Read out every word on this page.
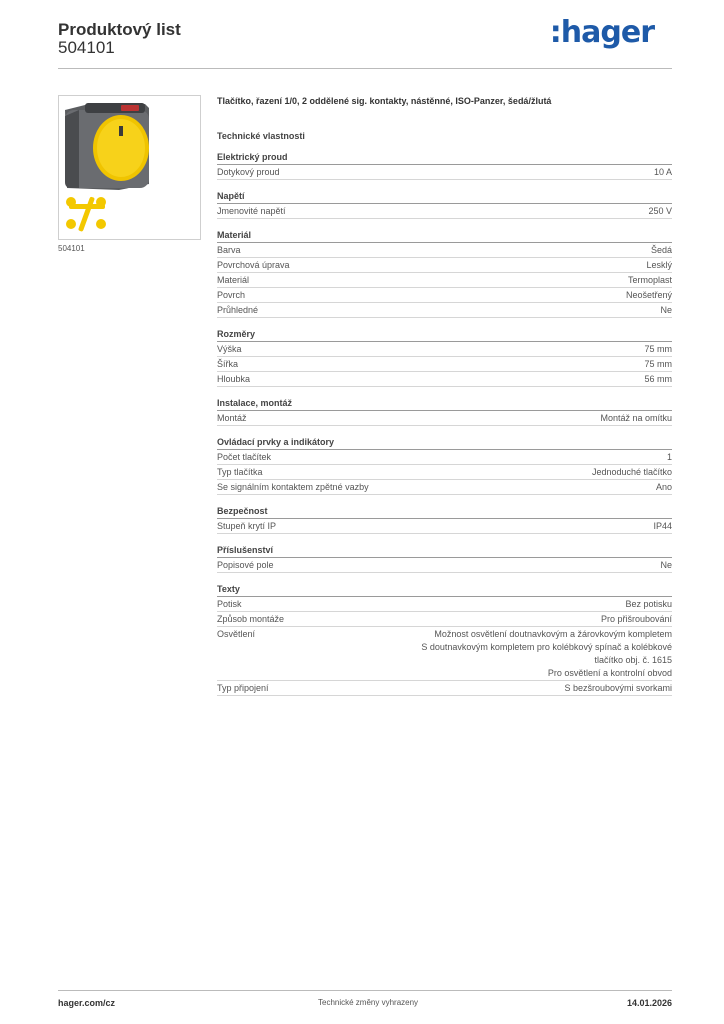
Produktový list
504101	:hager
504101
Tlačítko, řazení 1/0, 2 oddělené sig. kontakty, nástěnné, ISO-Panzer, šedá/žlutá
Technické vlastnosti
Elektrický proud
Dotykový proud	10 A
Napětí
Jmenovité napětí	250 V
Materiál
Barva	Šedá
Povrchová úprava	Lesklý
Materiál	Termoplast
Povrch	Neošetřený
Průhledné	Ne
Rozměry
Výška	75 mm
Šířka	75 mm
Hloubka	56 mm
Instalace, montáž
Montáž	Montáž na omítku
Ovládací prvky a indikátory
Počet tlačítek	1
Typ tlačítka	Jednoduché tlačítko
Se signálním kontaktem zpětné vazby	Ano
Bezpečnost
Stupeň krytí IP	IP44
Příslušenství
Popisové pole	Ne
Texty
Potisk	Bez potisku
Způsob montáže	Pro přišroubování
Osvětlení	Možnost osvětlení doutnavkovým a žárovkovým kompletem
S doutnavkovým kompletem pro kolébkový spínač a kolébkové
tlačítko obj. č. 1615
Pro osvětlení a kontrolní obvod
Typ připojení	S bezšroubovými svorkami
hager.com/cz	Technické změny vyhrazeny	14.01.2026
